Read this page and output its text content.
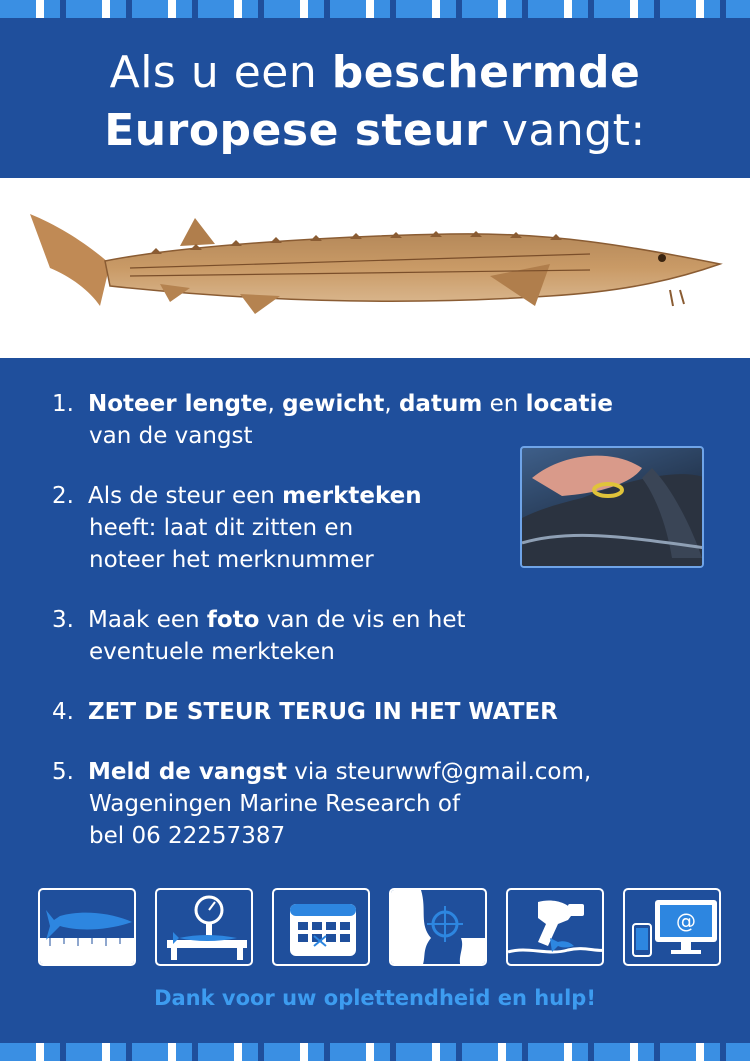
Als u een beschermde
Europese steur vangt:
1. Noteer lengte, gewicht, datum en locatie
van de vangst
2. Als de steur een merkteken
heeft: laat dit zitten en
noteer het merknummer
3. Maak een foto van de vis en het
eventuele merkteken
4. ZET DE STEUR TERUG IN HET WATER
5. Meld de vangst via steurwwf@gmail.com,
Wageningen Marine Research of
bel 06 22257387
@
Dank voor uw oplettendheid en hulp!
